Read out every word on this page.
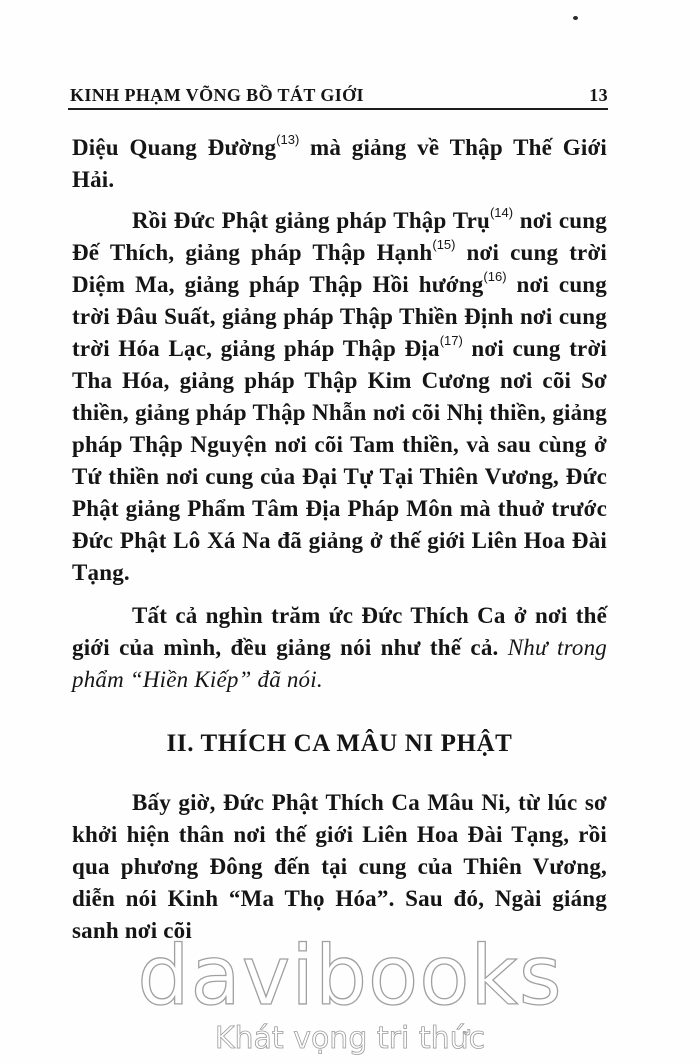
KINH PHẠM VÕNG BỒ TÁT GIỚI	13

Diệu Quang Đường$^{(13)}$ mà giảng về Thập Thế Giới Hải.

Rồi Đức Phật giảng pháp Thập Trụ$^{(14)}$ nơi cung Đế Thích, giảng pháp Thập Hạnh$^{(15)}$ nơi cung trời Diệm Ma, giảng pháp Thập Hồi hướng$^{(16)}$ nơi cung trời Đâu Suất, giảng pháp Thập Thiền Định nơi cung trời Hóa Lạc, giảng pháp Thập Địa$^{(17)}$ nơi cung trời Tha Hóa, giảng pháp Thập Kim Cương nơi cõi Sơ thiền, giảng pháp Thập Nhẫn nơi cõi Nhị thiền, giảng pháp Thập Nguyện nơi cõi Tam thiền, và sau cùng ở Tứ thiền nơi cung của Đại Tự Tại Thiên Vương, Đức Phật giảng Phẩm Tâm Địa Pháp Môn mà thuở trước Đức Phật Lô Xá Na đã giảng ở thế giới Liên Hoa Đài Tạng.

Tất cả nghìn trăm ức Đức Thích Ca ở nơi thế giới của mình, đều giảng nói như thế cả. Như trong phẩm “Hiền Kiếp” đã nói.

II. THÍCH CA MÂU NI PHẬT

Bấy giờ, Đức Phật Thích Ca Mâu Ni, từ lúc sơ khởi hiện thân nơi thế giới Liên Hoa Đài Tạng, rồi qua phương Đông đến tại cung của Thiên Vương, diễn nói Kinh “Ma Thọ Hóa”. Sau đó, Ngài giáng sanh nơi cõi

davibooks
Khát vọng tri thức
